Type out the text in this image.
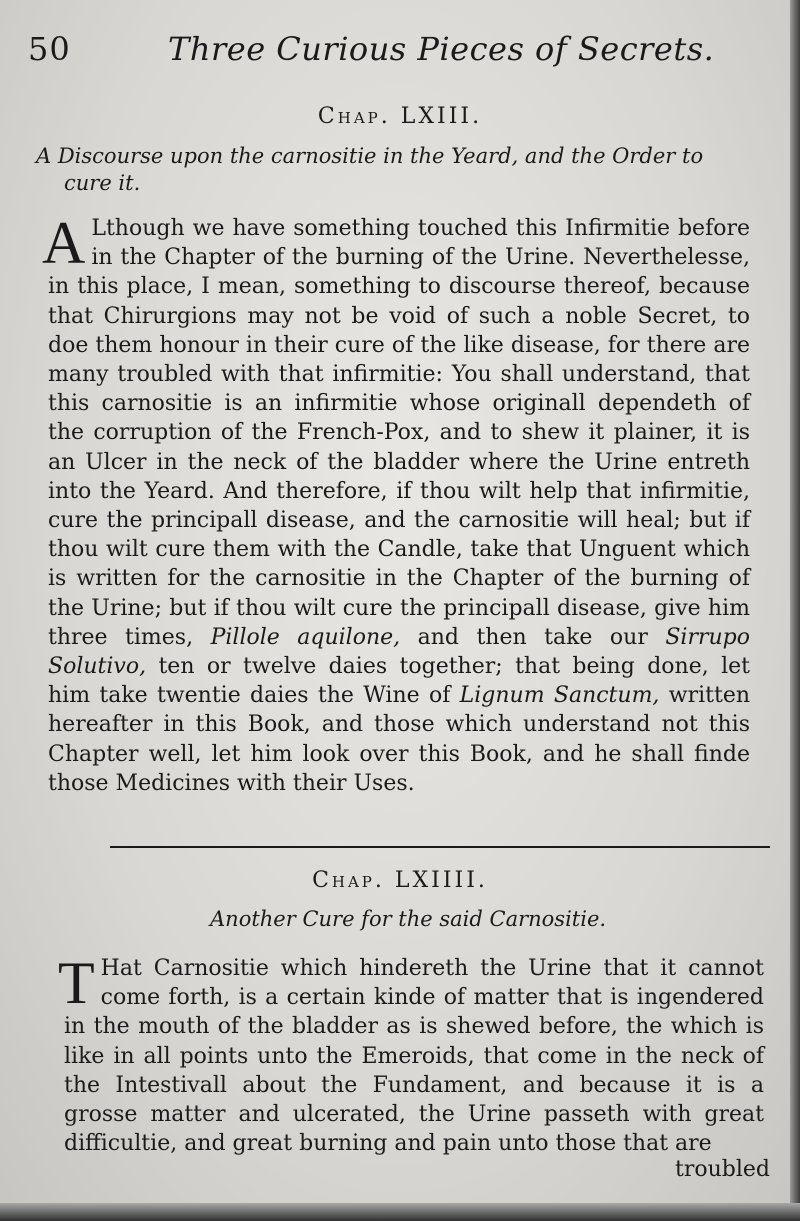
50	Three Curious Pieces of Secrets.
Chap. LXIII.
A Discourse upon the carnositie in the Yeard, and the Order to
cure it.

A Lthough we have something touched this Infirmitie before in the Chapter of the burning of the Urine. Neverthelesse, in this place, I mean, something to discourse thereof, because that Chirurgions may not be void of such a noble Secret, to doe them honour in their cure of the like disease, for there are many troubled with that infirmitie: You shall understand, that this carnositie is an infirmitie whose originall dependeth of the corruption of the French-Pox, and to shew it plainer, it is an Ulcer in the neck of the bladder where the Urine entreth into the Yeard. And therefore, if thou wilt help that infirmitie, cure the principall disease, and the carnositie will heal; but if thou wilt cure them with the Candle, take that Unguent which is written for the carnositie in the Chapter of the burning of the Urine; but if thou wilt cure the principall disease, give him three times, Pillole aquilone, and then take our Sirrupo Solutivo, ten or twelve daies together; that being done, let him take twentie daies the Wine of Lignum Sanctum, written hereafter in this Book, and those which understand not this Chapter well, let him look over this Book, and he shall finde those Medicines with their Uses.

Chap. LXIIII.
Another Cure for the said Carnositie.

T Hat Carnositie which hindereth the Urine that it cannot come forth, is a certain kinde of matter that is ingendered in the mouth of the bladder as is shewed before, the which is like in all points unto the Emeroids, that come in the neck of the Intestivall about the Fundament, and because it is a grosse matter and ulcerated, the Urine passeth with great difficultie, and great burning and pain unto those that are

troubled
